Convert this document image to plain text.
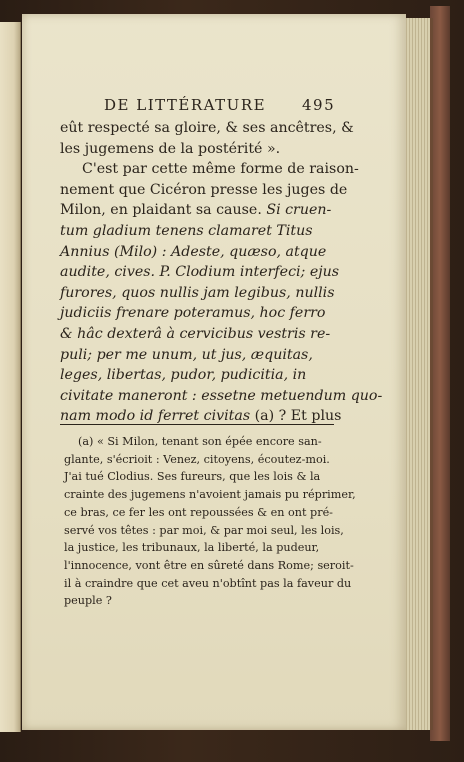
DE LITTÉRATURE 495
eût respecté sa gloire, & ses ancêtres, &
les jugemens de la postérité ».
C'est par cette même forme de raison-
nement que Cicéron presse les juges de
Milon, en plaidant sa cause. Si cruen-
tum gladium tenens clamaret Titus
Annius (Milo) : Adeste, quæso, atque
audite, cives. P. Clodium interfeci; ejus
furores, quos nullis jam legibus, nullis
judiciis frenare poteramus, hoc ferro
& hâc dexterâ à cervicibus vestris re-
puli; per me unum, ut jus, æquitas,
leges, libertas, pudor, pudicitia, in
civitate maneront : essetne metuendum quo-
nam modo id ferret civitas (a) ? Et plus
(a) « Si Milon, tenant son épée encore san-
glante, s'écrioit : Venez, citoyens, écoutez-moi.
J'ai tué Clodius. Ses fureurs, que les lois & la
crainte des jugemens n'avoient jamais pu réprimer,
ce bras, ce fer les ont repoussées & en ont pré-
servé vos têtes : par moi, & par moi seul, les lois,
la justice, les tribunaux, la liberté, la pudeur,
l'innocence, vont être en sûreté dans Rome; seroit-
il à craindre que cet aveu n'obtînt pas la faveur du
peuple ?
